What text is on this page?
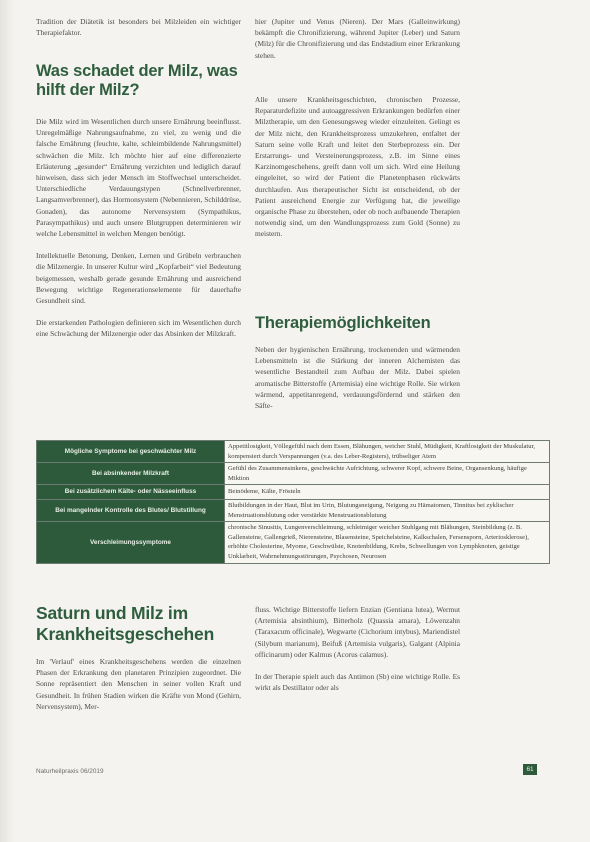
Tradition der Diätetik ist besonders bei Milzleiden ein wichtiger Therapiefaktor.

Was schadet der Milz, was hilft der Milz?

Die Milz wird im Wesentlichen durch unsere Ernährung beeinflusst. Unregelmäßige Nahrungsaufnahme, zu viel, zu wenig und die falsche Ernährung (feuchte, kalte, schleimbildende Nahrungsmittel) schwächen die Milz. Ich möchte hier auf eine differenzierte Erläuterung „gesunder“ Ernährung verzichten und lediglich darauf hinweisen, dass sich jeder Mensch im Stoffwechsel unterscheidet. Unterschiedliche Verdauungstypen (Schnellverbrenner, Langsamverbrenner), das Hormonsystem (Nebennieren, Schilddrüse, Gonaden), das autonome Nervensystem (Sympathikus, Parasympathikus) und auch unsere Blutgruppen determinieren wir welche Lebensmittel in welchen Mengen benötigt.

Intellektuelle Betonung, Denken, Lernen und Grübeln verbrauchen die Milzenergie. In unserer Kultur wird „Kopfarbeit“ viel Bedeutung beigemessen, weshalb gerade gesunde Ernährung und ausreichend Bewegung wichtige Regenerationselemente für dauerhafte Gesundheit sind.

Die erstarkenden Pathologien definieren sich im Wesentlichen durch eine Schwächung der Milzenergie oder das Absinken der Milzkraft.

hier (Jupiter und Venus (Nieren). Der Mars (Galleinwirkung) bekämpft die Chronifizierung, während Jupiter (Leber) und Saturn (Milz) für die Chronifizierung und das Endstadium einer Erkrankung stehen.

Alle unsere Krankheitsgeschichten, chronischen Prozesse, Reparaturdefizite und autoaggressiven Erkrankungen bedürfen einer Milztherapie, um den Genesungsweg wieder einzuleiten. Gelingt es der Milz nicht, den Krankheitsprozess umzukehren, entfaltet der Saturn seine volle Kraft und leitet den Sterbeprozess ein. Der Erstarrungs- und Versteinerungsprozess, z.B. im Sinne eines Karzinomgeschehens, greift dann voll um sich. Wird eine Heilung eingeleitet, so wird der Patient die Planetenphasen rückwärts durchlaufen. Aus therapeutischer Sicht ist entscheidend, ob der Patient ausreichend Energie zur Verfügung hat, die jeweilige organische Phase zu überstehen, oder ob noch aufbauende Therapien notwendig sind, um den Wandlungsprozess zum Gold (Sonne) zu meistern.

Therapiemöglichkeiten

Neben der hygienischen Ernährung, trockenenden und wärmenden Lebensmitteln ist die Stärkung der inneren Alchemisten das wesentliche Bestandteil zum Aufbau der Milz. Dabei spielen aromatische Bitterstoffe (Artemisia) eine wichtige Rolle. Sie wirken wärmend, appetitanregend, verdauungsfördernd und stärken den Säfte-

Mögliche Symptome bei geschwächter Milz	Appetitlosigkeit, Völlegefühl nach dem Essen, Blähungen, weicher Stuhl, Müdigkeit, Kraftlosigkeit der Muskulatur, kompensiert durch Verspannungen (v.a. des Leber-Registers), trübseliger Atem
Bei absinkender Milzkraft	Gefühl des Zusammensinkens, geschwächte Aufrichtung, schwerer Kopf, schwere Beine, Organsenkung, häufige Miktion
Bei zusätzlichem Kälte- oder Nässeeinfluss	Beinödeme, Kälte, Frösteln
Bei mangelnder Kontrolle des Blutes/ Blutstillung	Blutbildungen in der Haut, Blut im Urin, Blutungsneigung, Neigung zu Hämatomen, Tinnitus bei zyklischer Menstruationsblutung oder verstärkte Menstruationsblutung
Verschleimungssymptome	chronische Sinusitis, Lungenverschleimung, schleimiger weicher Stuhlgang mit Blähungen, Steinbildung (z. B. Gallensteine, Gallengrieß, Nierensteine, Blasensteine, Speichelsteine, Kalkschalen, Fersensporn, Arteriosklerose), erhöhte Cholesterine, Myome, Geschwülste, Knotenbildung, Krebs, Schwellungen von Lymphknoten, geistige Unklarheit, Wahrnehmungsstörungen, Psychosen, Neurosen
Saturn und Milz im Krankheitsgeschehen

Im 'Verlauf' eines Krankheitsgeschehens werden die einzelnen Phasen der Erkrankung den planetaren Prinzipien zugeordnet. Die Sonne repräsentiert den Menschen in seiner vollen Kraft und Gesundheit. In frühen Stadien wirken die Kräfte von Mond (Gehirn, Nervensystem), Mer-

fluss. Wichtige Bitterstoffe liefern Enzian (Gentiana lutea), Wermut (Artemisia absinthium), Bitterholz (Quassia amara), Löwenzahn (Taraxacum officinale), Wegwarte (Cichorium intybus), Mariendistel (Silybum marianum), Beifuß (Artemisia vulgaris), Galgant (Alpinia officinarum) oder Kalmus (Acorus calamus).

In der Therapie spielt auch das Antimon (Sb) eine wichtige Rolle. Es wirkt als Destillator oder als

Naturheilpraxis 06/2019	61
